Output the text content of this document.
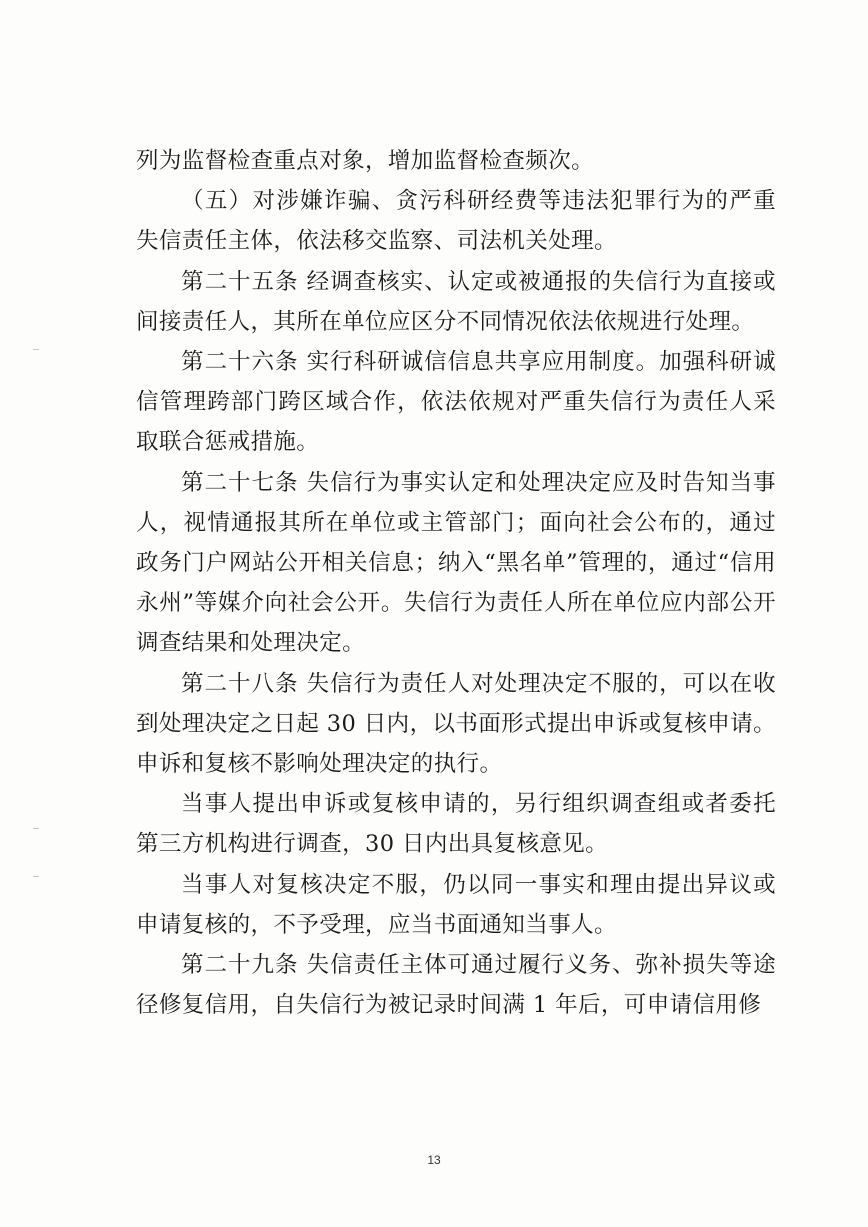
列为监督检查重点对象，增加监督检查频次。

（五）对涉嫌诈骗、贪污科研经费等违法犯罪行为的严重失信责任主体，依法移交监察、司法机关处理。

第二十五条 经调查核实、认定或被通报的失信行为直接或间接责任人，其所在单位应区分不同情况依法依规进行处理。

第二十六条 实行科研诚信信息共享应用制度。加强科研诚信管理跨部门跨区域合作，依法依规对严重失信行为责任人采取联合惩戒措施。

第二十七条 失信行为事实认定和处理决定应及时告知当事人，视情通报其所在单位或主管部门；面向社会公布的，通过政务门户网站公开相关信息；纳入“黑名单”管理的，通过“信用永州”等媒介向社会公开。失信行为责任人所在单位应内部公开调查结果和处理决定。

第二十八条 失信行为责任人对处理决定不服的，可以在收到处理决定之日起 30 日内，以书面形式提出申诉或复核申请。申诉和复核不影响处理决定的执行。

当事人提出申诉或复核申请的，另行组织调查组或者委托第三方机构进行调查，30 日内出具复核意见。

当事人对复核决定不服，仍以同一事实和理由提出异议或申请复核的，不予受理，应当书面通知当事人。

第二十九条 失信责任主体可通过履行义务、弥补损失等途径修复信用，自失信行为被记录时间满 1 年后，可申请信用修

13
